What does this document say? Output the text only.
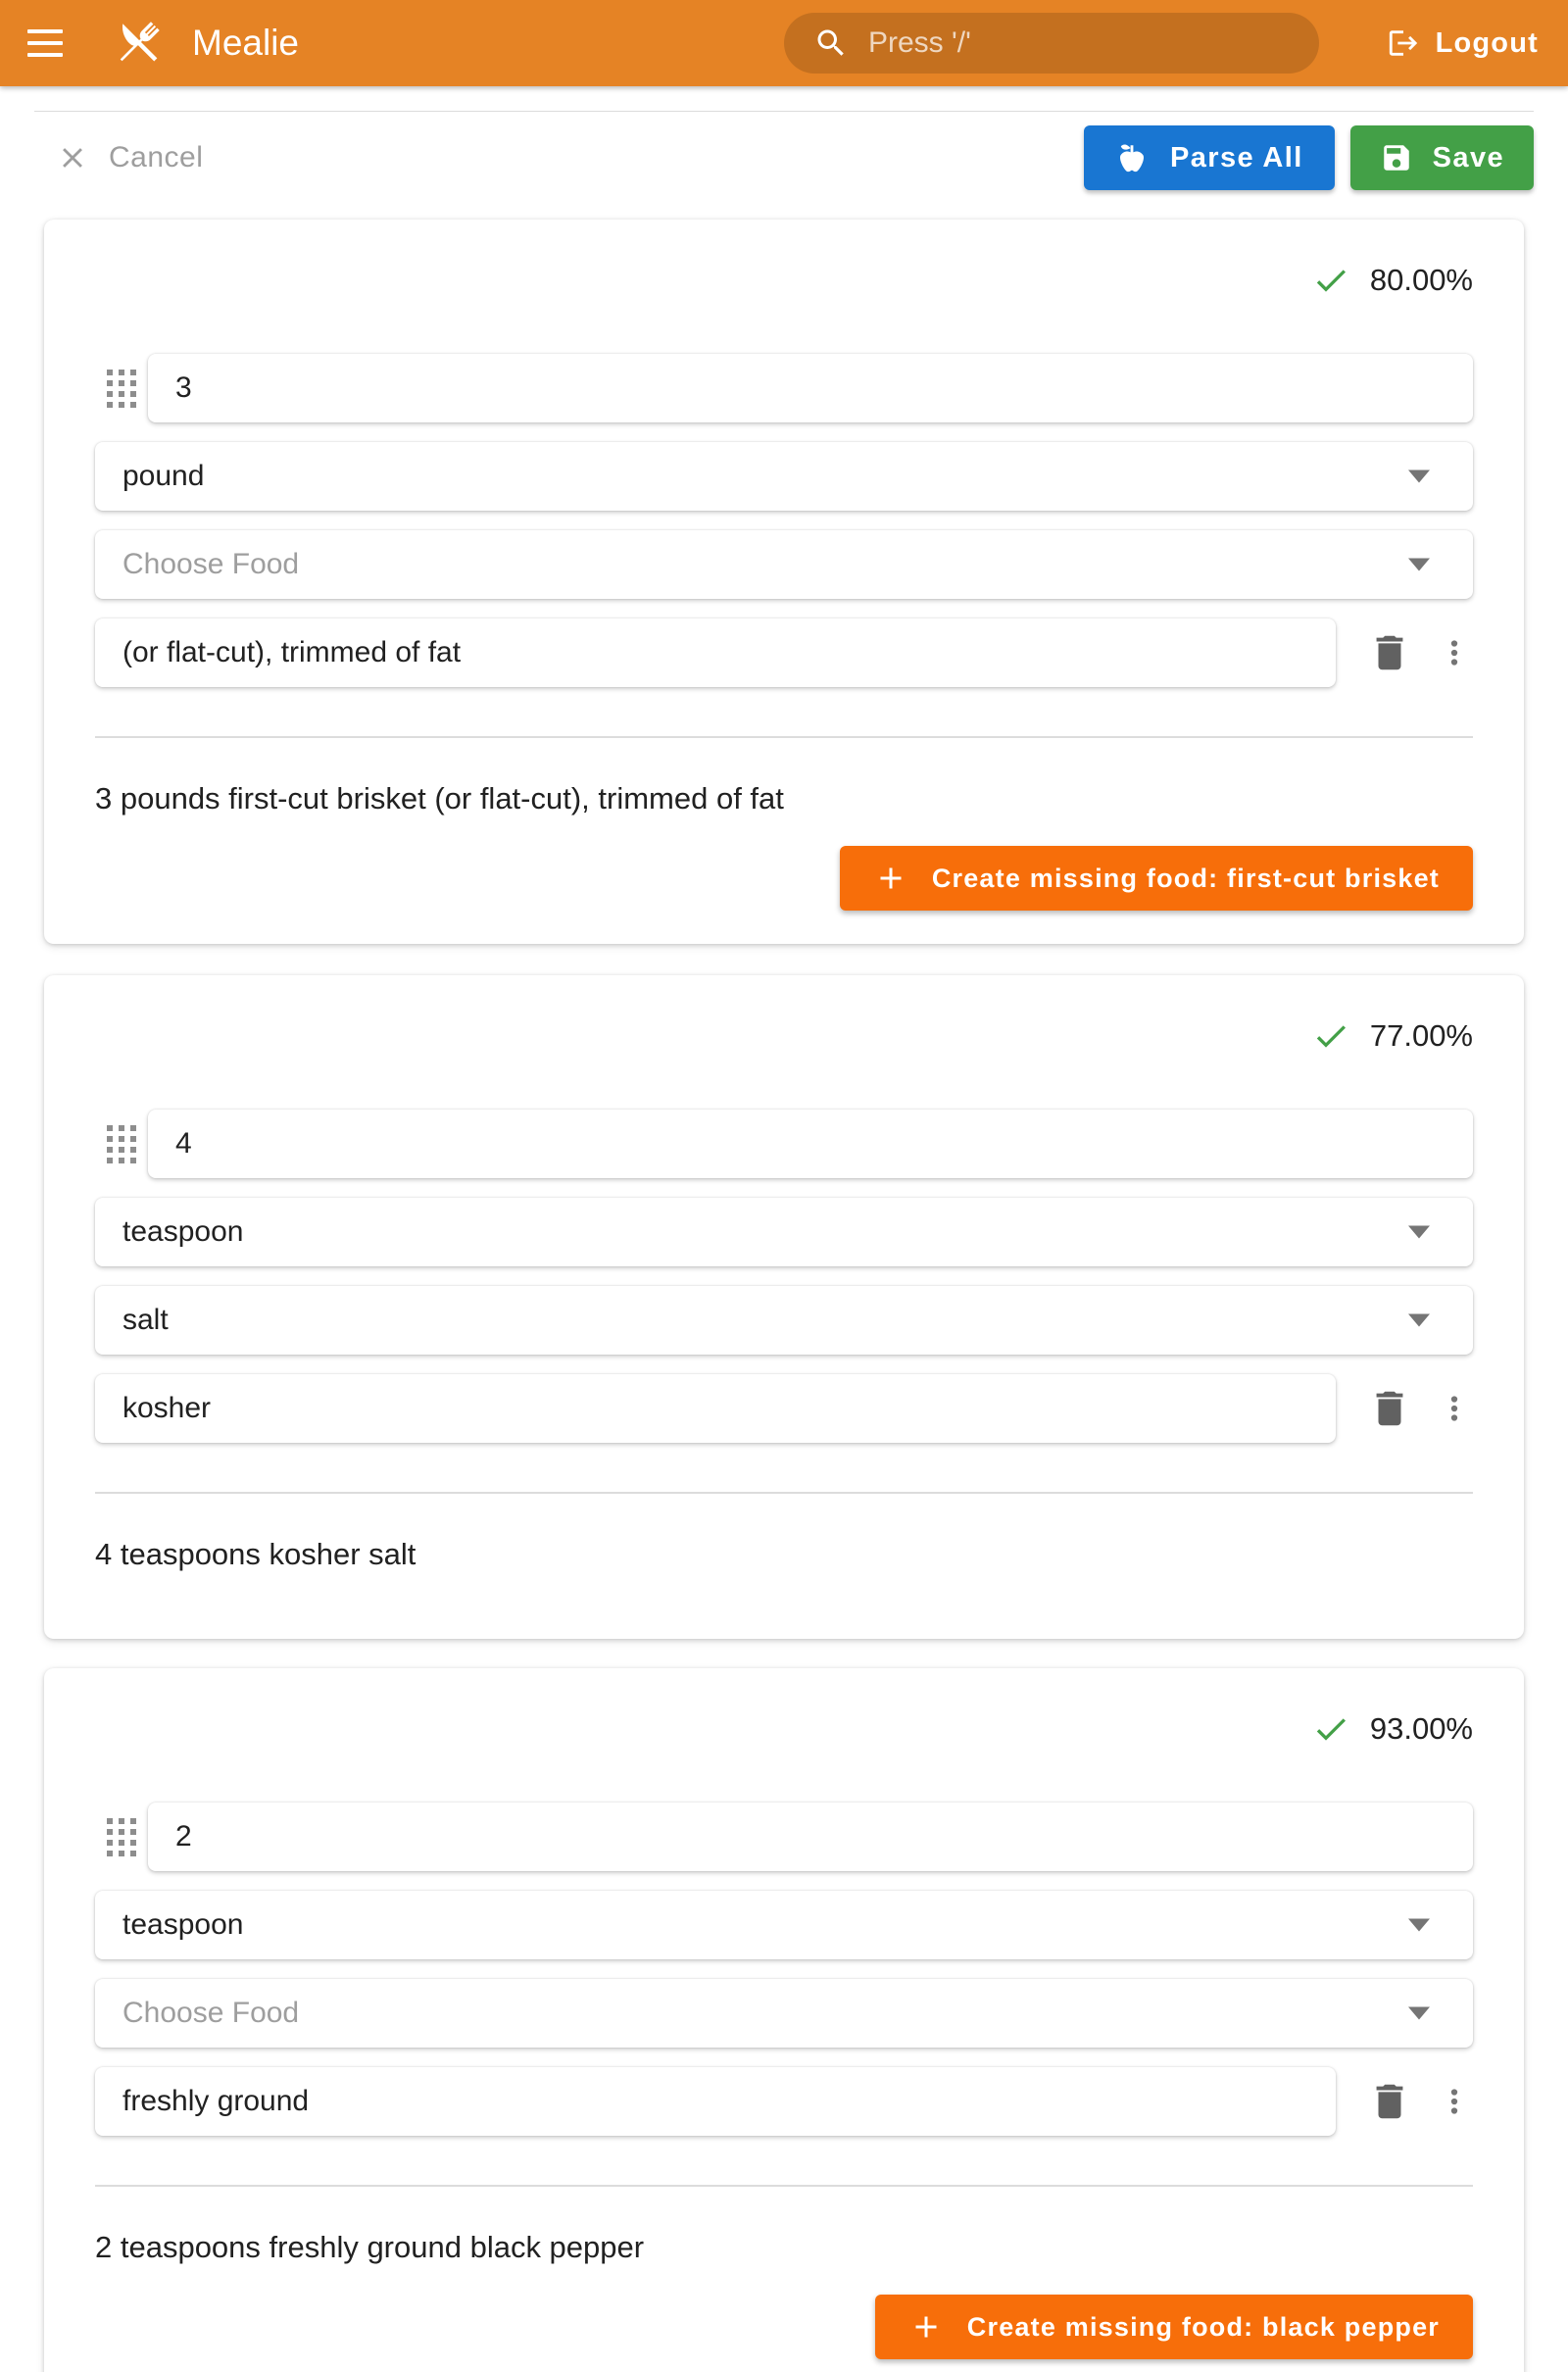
Mealie
Press '/'	Logout
Cancel	Parse All	Save
80.00%
3
pound
Choose Food
(or flat-cut), trimmed of fat
3 pounds first-cut brisket (or flat-cut), trimmed of fat
Create missing food: first-cut brisket
77.00%
4
teaspoon
salt
kosher
4 teaspoons kosher salt
93.00%
2
teaspoon
Choose Food
freshly ground
2 teaspoons freshly ground black pepper
Create missing food: black pepper
